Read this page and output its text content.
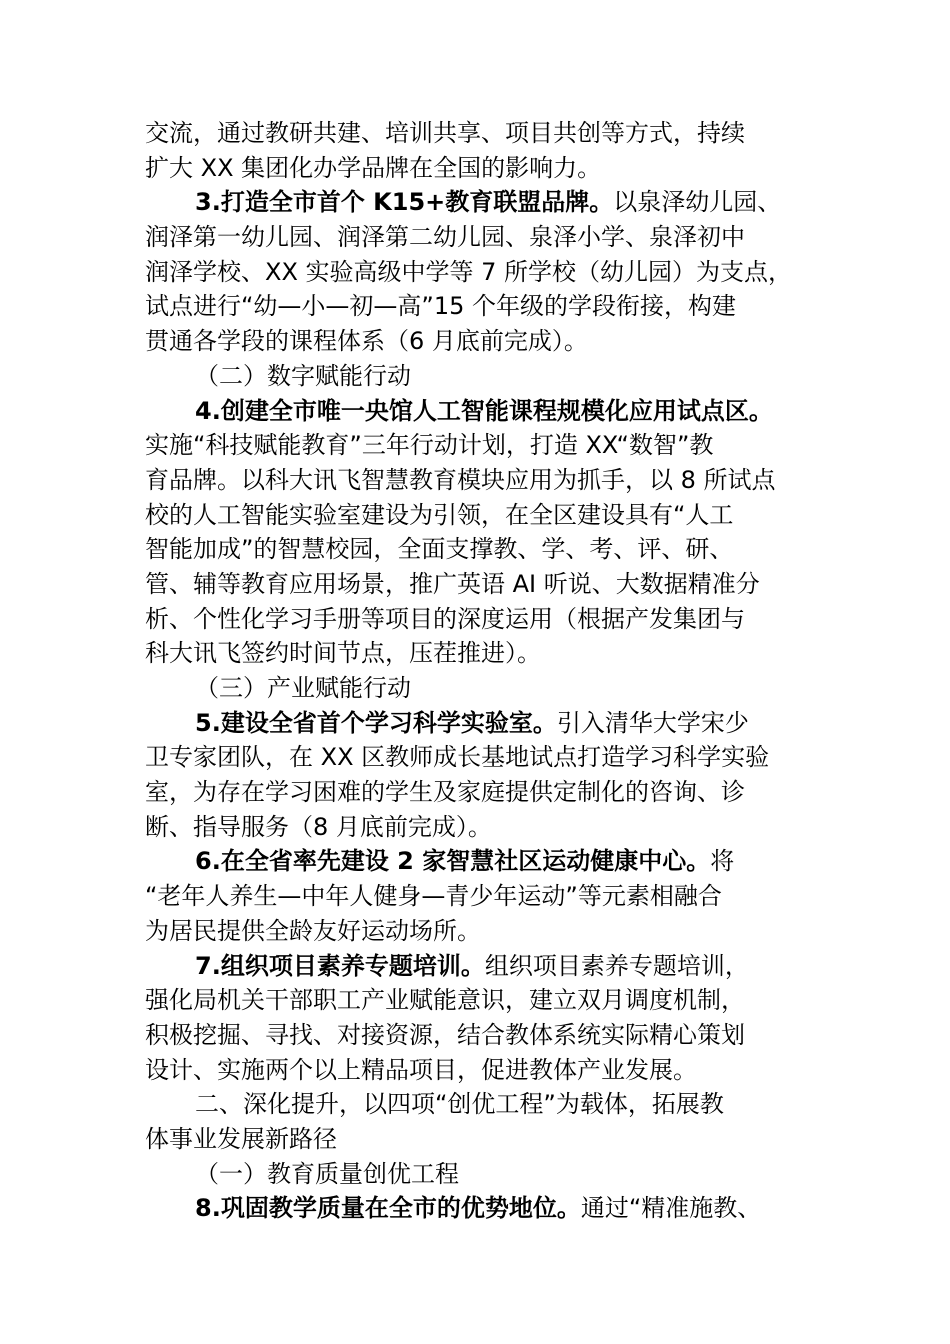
交流，通过教研共建、培训共享、项目共创等方式，持续
扩大 XX 集团化办学品牌在全国的影响力。
3.打造全市首个 K15+教育联盟品牌。以泉泽幼儿园、
润泽第一幼儿园、润泽第二幼儿园、泉泽小学、泉泽初中
润泽学校、XX 实验高级中学等 7 所学校（幼儿园）为支点，
试点进行“幼—小—初—高”15 个年级的学段衔接，构建
贯通各学段的课程体系（6 月底前完成）。
（二）数字赋能行动
4.创建全市唯一央馆人工智能课程规模化应用试点区。
实施“科技赋能教育”三年行动计划，打造 XX“数智”教
育品牌。以科大讯飞智慧教育模块应用为抓手，以 8 所试点
校的人工智能实验室建设为引领，在全区建设具有“人工
智能加成”的智慧校园，全面支撑教、学、考、评、研、
管、辅等教育应用场景，推广英语 AI 听说、大数据精准分
析、个性化学习手册等项目的深度运用（根据产发集团与
科大讯飞签约时间节点，压茬推进）。
（三）产业赋能行动
5.建设全省首个学习科学实验室。引入清华大学宋少
卫专家团队，在 XX 区教师成长基地试点打造学习科学实验
室，为存在学习困难的学生及家庭提供定制化的咨询、诊
断、指导服务（8 月底前完成）。
6.在全省率先建设 2 家智慧社区运动健康中心。将
“老年人养生—中年人健身—青少年运动”等元素相融合
为居民提供全龄友好运动场所。
7.组织项目素养专题培训。组织项目素养专题培训，
强化局机关干部职工产业赋能意识，建立双月调度机制，
积极挖掘、寻找、对接资源，结合教体系统实际精心策划
设计、实施两个以上精品项目，促进教体产业发展。
二、深化提升，以四项“创优工程”为载体，拓展教
体事业发展新路径
（一）教育质量创优工程
8.巩固教学质量在全市的优势地位。通过“精准施教、
